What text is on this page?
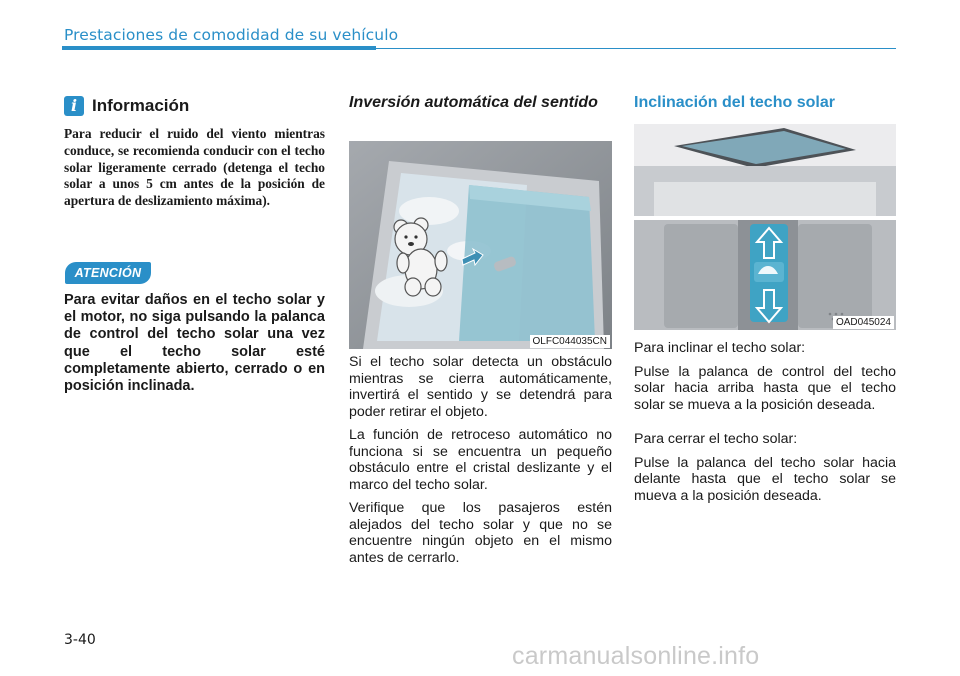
Prestaciones de comodidad de su vehículo
i Información
Para reducir el ruido del viento mientras conduce, se recomienda conducir con el techo solar ligeramente cerrado (detenga el techo solar a unos 5 cm antes de la posición de apertura de deslizamiento máxima).
ATENCIÓN
Para evitar daños en el techo solar y el motor, no siga pulsando la palanca de control del techo solar una vez que el techo solar esté completamente abierto, cerrado o en posición inclinada.
Inversión automática del sentido
OLFC044035CN

Si el techo solar detecta un obstáculo mientras se cierra automáticamente, invertirá el sentido y se detendrá para poder retirar el objeto.

La función de retroceso automático no funciona si se encuentra un pequeño obstáculo entre el cristal deslizante y el marco del techo solar.

Verifique que los pasajeros estén alejados del techo solar y que no se encuentre ningún objeto en el mismo antes de cerrarlo.

Inclinación del techo solar
OAD045024

Para inclinar el techo solar:

Pulse la palanca de control del techo solar hacia arriba hasta que el techo solar se mueva a la posición deseada.

Para cerrar el techo solar:

Pulse la palanca del techo solar hacia delante hasta que el techo solar se mueva a la posición deseada.

3-40
carmanualsonline.info
